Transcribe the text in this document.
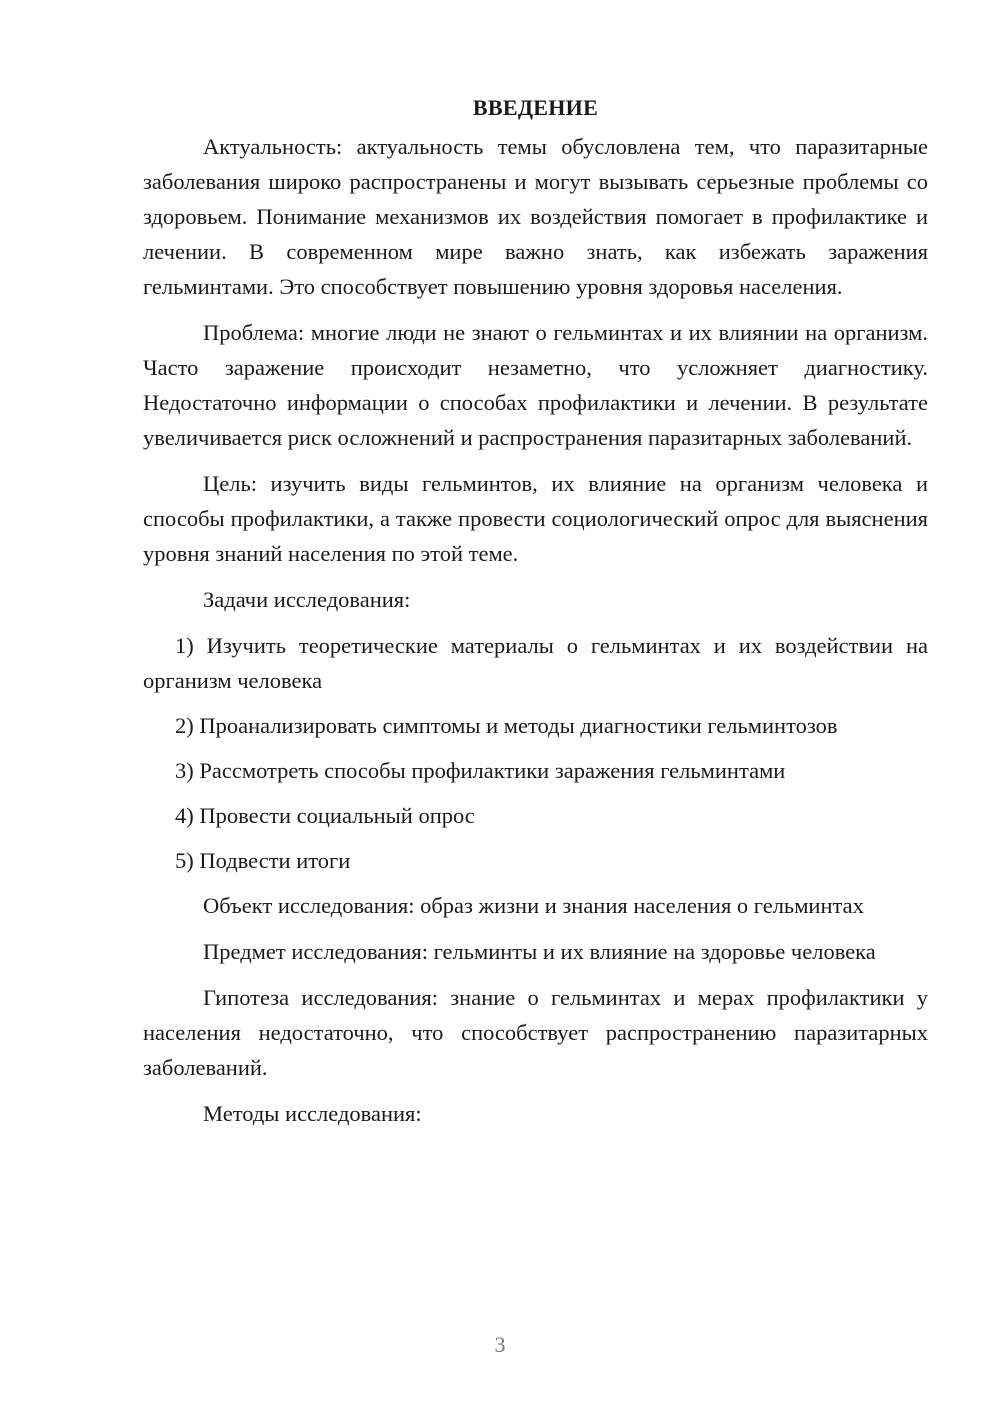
ВВЕДЕНИЕ

Актуальность: актуальность темы обусловлена тем, что паразитарные заболевания широко распространены и могут вызывать серьезные проблемы со здоровьем. Понимание механизмов их воздействия помогает в профилактике и лечении. В современном мире важно знать, как избежать заражения гельминтами. Это способствует повышению уровня здоровья населения.

Проблема: многие люди не знают о гельминтах и их влиянии на организм. Часто заражение происходит незаметно, что усложняет диагностику. Недостаточно информации о способах профилактики и лечении. В результате увеличивается риск осложнений и распространения паразитарных заболеваний.

Цель: изучить виды гельминтов, их влияние на организм человека и способы профилактики, а также провести социологический опрос для выяснения уровня знаний населения по этой теме.

Задачи исследования:

1) Изучить теоретические материалы о гельминтах и их воздействии на организм человека

2) Проанализировать симптомы и методы диагностики гельминтозов

3) Рассмотреть способы профилактики заражения гельминтами

4) Провести социальный опрос

5) Подвести итоги

Объект исследования: образ жизни и знания населения о гельминтах

Предмет исследования: гельминты и их влияние на здоровье человека

Гипотеза исследования: знание о гельминтах и мерах профилактики у населения недостаточно, что способствует распространению паразитарных заболеваний.

Методы исследования:

3
